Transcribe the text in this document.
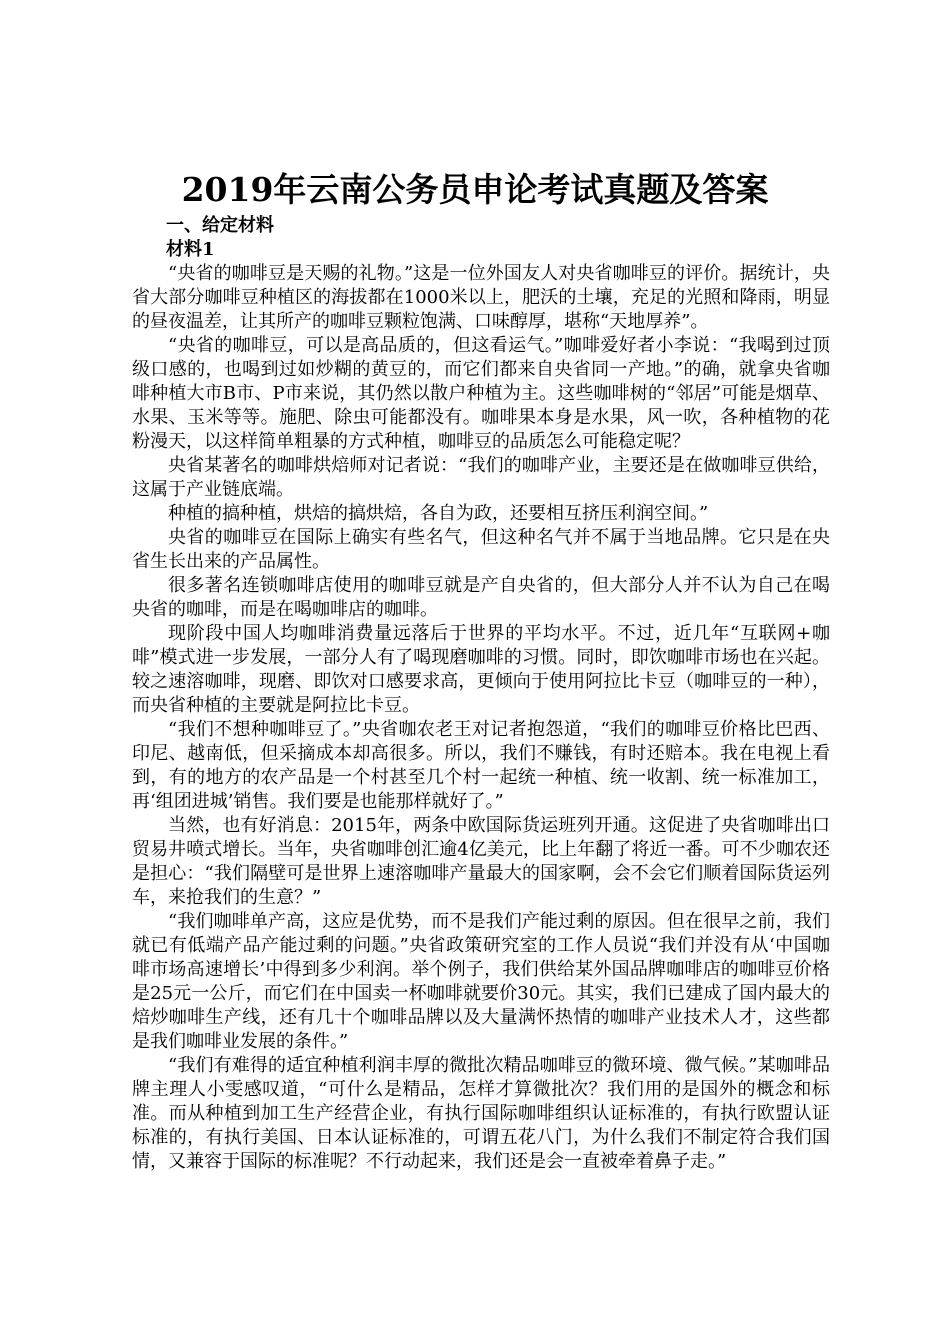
2019年云南公务员申论考试真题及答案
一、给定材料
材料1

“央省的咖啡豆是天赐的礼物。”这是一位外国友人对央省咖啡豆的评价。据统计，央省大部分咖啡豆种植区的海拔都在1000米以上，肥沃的土壤，充足的光照和降雨，明显的昼夜温差，让其所产的咖啡豆颗粒饱满、口味醇厚，堪称“天地厚养”。

“央省的咖啡豆，可以是高品质的，但这看运气。”咖啡爱好者小李说：“我喝到过顶级口感的，也喝到过如炒糊的黄豆的，而它们都来自央省同一产地。”的确，就拿央省咖啡种植大市B市、P市来说，其仍然以散户种植为主。这些咖啡树的“邻居”可能是烟草、水果、玉米等等。施肥、除虫可能都没有。咖啡果本身是水果，风一吹，各种植物的花粉漫天，以这样简单粗暴的方式种植，咖啡豆的品质怎么可能稳定呢？

央省某著名的咖啡烘焙师对记者说：“我们的咖啡产业，主要还是在做咖啡豆供给，这属于产业链底端。

种植的搞种植，烘焙的搞烘焙，各自为政，还要相互挤压利润空间。”

央省的咖啡豆在国际上确实有些名气，但这种名气并不属于当地品牌。它只是在央省生长出来的产品属性。

很多著名连锁咖啡店使用的咖啡豆就是产自央省的，但大部分人并不认为自己在喝央省的咖啡，而是在喝咖啡店的咖啡。

现阶段中国人均咖啡消费量远落后于世界的平均水平。不过，近几年“互联网+咖啡”模式进一步发展，一部分人有了喝现磨咖啡的习惯。同时，即饮咖啡市场也在兴起。较之速溶咖啡，现磨、即饮对口感要求高，更倾向于使用阿拉比卡豆（咖啡豆的一种），而央省种植的主要就是阿拉比卡豆。

“我们不想种咖啡豆了。”央省咖农老王对记者抱怨道，“我们的咖啡豆价格比巴西、印尼、越南低，但采摘成本却高很多。所以，我们不赚钱，有时还赔本。我在电视上看到，有的地方的农产品是一个村甚至几个村一起统一种植、统一收割、统一标准加工，再‘组团进城’销售。我们要是也能那样就好了。”

当然，也有好消息：2015年，两条中欧国际货运班列开通。这促进了央省咖啡出口贸易井喷式增长。当年，央省咖啡创汇逾4亿美元，比上年翻了将近一番。可不少咖农还是担心：“我们隔壁可是世界上速溶咖啡产量最大的国家啊，会不会它们顺着国际货运列车，来抢我们的生意？”

“我们咖啡单产高，这应是优势，而不是我们产能过剩的原因。但在很早之前，我们就已有低端产品产能过剩的问题。”央省政策研究室的工作人员说“我们并没有从‘中国咖啡市场高速增长’中得到多少利润。举个例子，我们供给某外国品牌咖啡店的咖啡豆价格是25元一公斤，而它们在中国卖一杯咖啡就要价30元。其实，我们已建成了国内最大的焙炒咖啡生产线，还有几十个咖啡品牌以及大量满怀热情的咖啡产业技术人才，这些都是我们咖啡业发展的条件。”

“我们有难得的适宜种植利润丰厚的微批次精品咖啡豆的微环境、微气候。”某咖啡品牌主理人小雯感叹道，“可什么是精品，怎样才算微批次？我们用的是国外的概念和标准。而从种植到加工生产经营企业，有执行国际咖啡组织认证标准的，有执行欧盟认证标准的，有执行美国、日本认证标准的，可谓五花八门，为什么我们不制定符合我们国情，又兼容于国际的标准呢？不行动起来，我们还是会一直被牵着鼻子走。”
